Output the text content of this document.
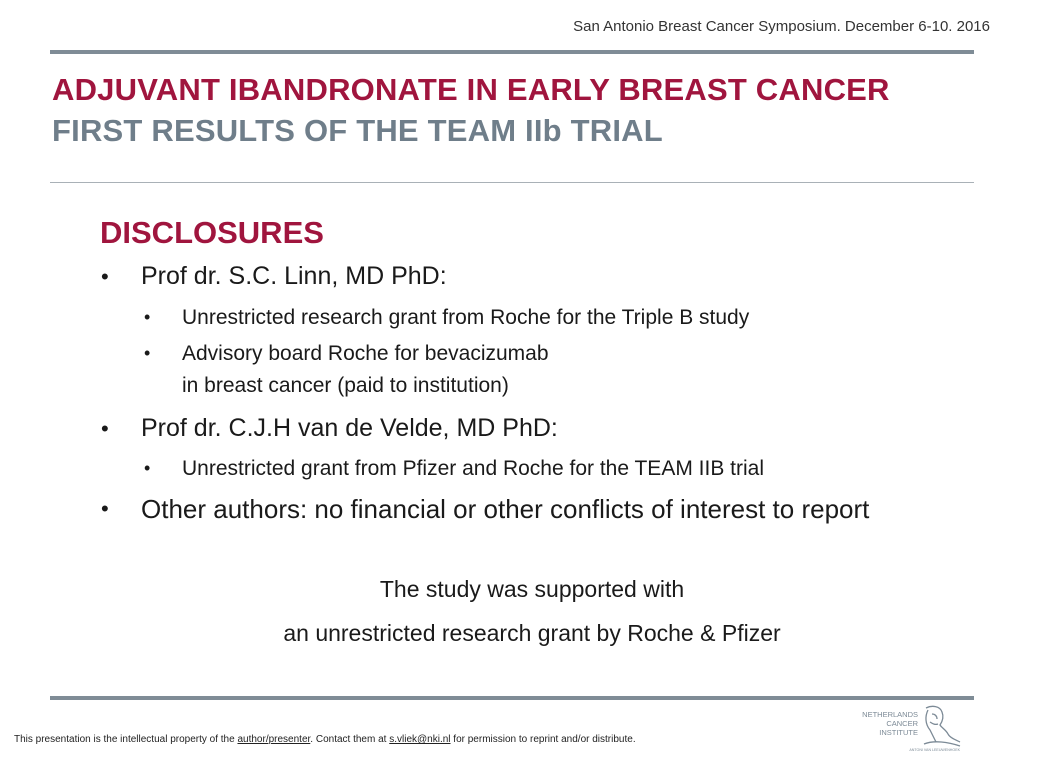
San Antonio Breast Cancer Symposium. December 6-10. 2016
ADJUVANT IBANDRONATE IN EARLY BREAST CANCER
FIRST RESULTS OF THE TEAM IIb TRIAL
DISCLOSURES
• Prof dr. S.C. Linn, MD PhD:
• Unrestricted research grant from Roche for the Triple B study
• Advisory board Roche for bevacizumab
in breast cancer (paid to institution)
• Prof dr. C.J.H van de Velde, MD PhD:
• Unrestricted grant from Pfizer and Roche for the TEAM IIB trial
• Other authors: no financial or other conflicts of interest to report
The study was supported with
an unrestricted research grant by Roche & Pfizer
This presentation is the intellectual property of the author/presenter. Contact them at s.vliek@nki.nl for permission to reprint and/or distribute.
NETHERLANDS
CANCER
INSTITUTE
ANTONI VAN LEEUWENHOEK
